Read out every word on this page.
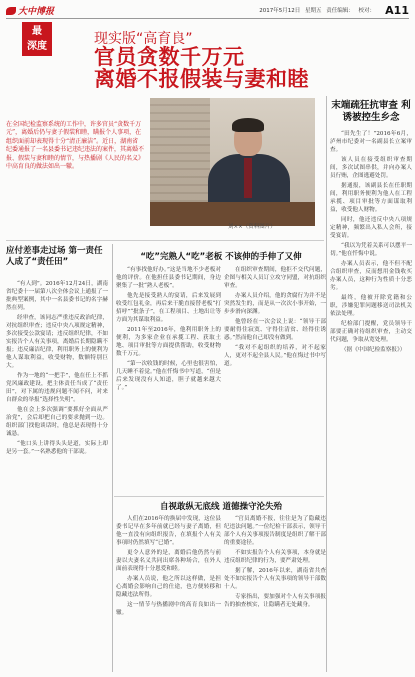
大中博报	2017年5月12日 星期五 责任编辑： 校对： A11
最
深度	现实版“高育良”
官员贪数千万元
离婚不报假装与妻和睦
在全国纪检监察系统的工作中，许多官员“贪数千万元”，离婚后仍与妻子假装和睦，瞒报个人事项，在组织面前却表现得十分“清正廉洁”。近日，湖南省纪委通报了一名县委书记违纪违法的案件，其离婚不报、假装与妻和睦的情节，与热播剧《人民的名义》中高育良的做法如出一辙。
刘××（资料图片）
末端疏狂抗审查 利诱被控生乡念

“田先生了！”2016年6月，泸州市纪委对一名副县长立案审查。

该人员在接受组织审查期间，多次试图串供，并向办案人员行贿，企图逃避处罚。

据通报，该副县长在任职期间，利用职务便利为他人在工程承揽、项目审批等方面谋取利益，收受他人财物。

同时，他还违反中央八项规定精神，频繁出入私人会所，接受宴请。

“我以为凭着关系可以摆平一切。”他在忏悔中说。

办案人员表示，他不但不配合组织审查，反而想用金钱收买办案人员，这种行为性质十分恶劣。

最终，他被开除党籍和公职，涉嫌犯罪问题移送司法机关依法处理。

纪检部门提醒，党员领导干部要正确对待组织审查，主动交代问题，争取从宽处理。

（据《中国纪检监察报》）

应付差事走过场 第一责任人成了“责任田”	“吃”完熟人“吃”老板 不该伸的手伸了又伸
自视敢纵无底线 道德操守沦失殆

“有人到”。2016年12月24日，湖南省纪委十一届第八次全体会议上通报了一批典型案例，其中一名县委书记的名字赫然在列。

经审查，该同志严重违反政治纪律，对抗组织审查；违反中央八项规定精神，多次接受公款宴请；违反组织纪律，不如实报告个人有关事项，离婚后长期隐瞒不报；违反廉洁纪律，利用职务上的便利为他人谋取利益，收受财物，数额特别巨大。

作为一地的“一把手”，他在任上不抓党风廉政建设，把主体责任当成了“责任田”，对下属的违规问题不闻不问，对来自群众的举报“选择性失明”。

他在会上多次强调“要抓好全面从严治党”，会后却把自己的要求抛到一边。组织部门找他谈话时，他总是表现得十分诚恳。

“他口头上讲得头头是道，实际上却是另一套。”一名熟悉他的干部说。

“有事找他好办。”这是当地不少老板对他的评价。在他担任县委书记期间，身边聚集了一批“熟人老板”。

他先是接受熟人的宴请，后来发展到收受红包礼金，再后来干脆直接替老板“打招呼”“批条子”，在工程项目、土地出让等方面为其谋取利益。

2011年至2016年，他利用职务上的便利，为多家企业在承揽工程、获取土地、项目审批等方面提供帮助，收受财物数千万元。

“第一次收钱的时候，心里也很害怕，几天睡不着觉。”他在忏悔书中写道，“但是后来发现没有人知道，胆子就越来越大了。”

在组织审查期间，他拒不交代问题，企图与相关人员订立攻守同盟，对抗组织审查。

办案人员介绍，他的贪腐行为并不是突然发生的，而是从一次次小事开始，一步步滑向深渊。

他曾经在一次会议上说：“领导干部要耐得住寂寞、守得住清贫、经得住诱惑。”然而他自己却没有做到。

“我对不起组织的培养，对不起家人，更对不起全县人民。”他在悔过书中写道。

人们在2016年的换届中发现，这位县委书记早在多年前就已经与妻子离婚，但他一直没有向组织报告，在填报个人有关事项时仍然填写“已婚”。

更令人意外的是，离婚后他仍然与前妻以夫妻名义共同出席各种场合，在外人面前表现得十分恩爱和睦。

办案人员说，他之所以这样做，是担心离婚会影响自己的仕途，也方便转移和隐藏违法所得。

这一情节与热播剧中的高育良如出一辙。

“官员离婚不报，往往是为了隐藏违纪违法问题。”一位纪检干部表示，领导干部个人有关事项报告制度是组织了解干部的重要途径。

不如实报告个人有关事项，本身就是违反组织纪律的行为，要严肃处理。

据了解，2016年以来，湖南省共查处不如实报告个人有关事项的领导干部数十人。

专家指出，要加强对个人有关事项报告的抽查核实，让隐瞒者无处藏身。
